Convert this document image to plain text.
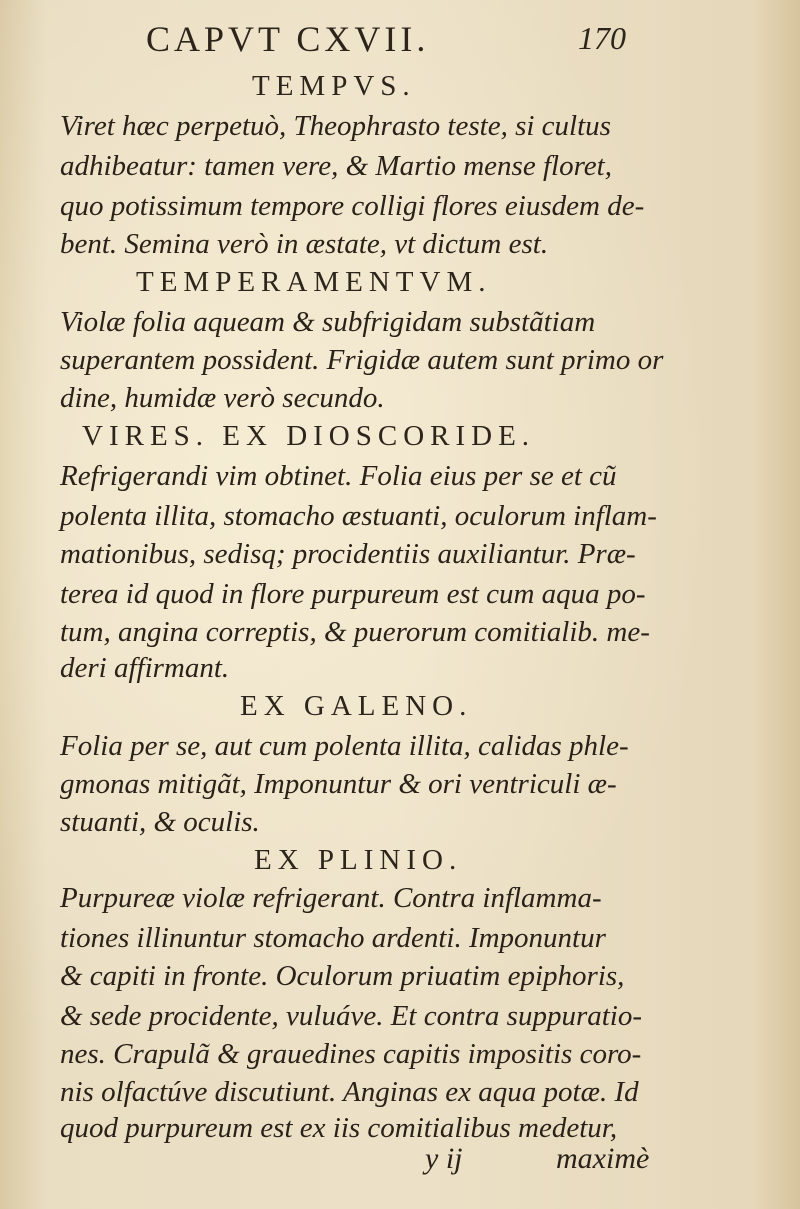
CAPVT CXVII.	170
TEMPVS.
Viret hæc perpetuò, Theophrasto teste, si cultus
adhibeatur: tamen vere, & Martio mense floret,
quo potissimum tempore colligi flores eiusdem de-
bent. Semina verò in æstate, vt dictum est.
TEMPERAMENTVM.
Violæ folia aqueam & subfrigidam substãtiam
superantem possident. Frigidæ autem sunt primo or
dine, humidæ verò secundo.
VIRES. EX DIOSCORIDE.
Refrigerandi vim obtinet. Folia eius per se et cũ
polenta illita, stomacho æstuanti, oculorum inflam-
mationibus, sedisq; procidentiis auxiliantur. Præ-
terea id quod in flore purpureum est cum aqua po-
tum, angina correptis, & puerorum comitialib. me-
deri affirmant.
EX GALENO.
Folia per se, aut cum polenta illita, calidas phle-
gmonas mitigãt, Imponuntur & ori ventriculi æ-
stuanti, & oculis.
EX PLINIO.
Purpureæ violæ refrigerant. Contra inflamma-
tiones illinuntur stomacho ardenti. Imponuntur
& capiti in fronte. Oculorum priuatim epiphoris,
& sede procidente, vuluáve. Et contra suppuratio-
nes. Crapulã & grauedines capitis impositis coro-
nis olfactúve discutiunt. Anginas ex aqua potæ. Id
quod purpureum est ex iis comitialibus medetur,
y ij	maximè
